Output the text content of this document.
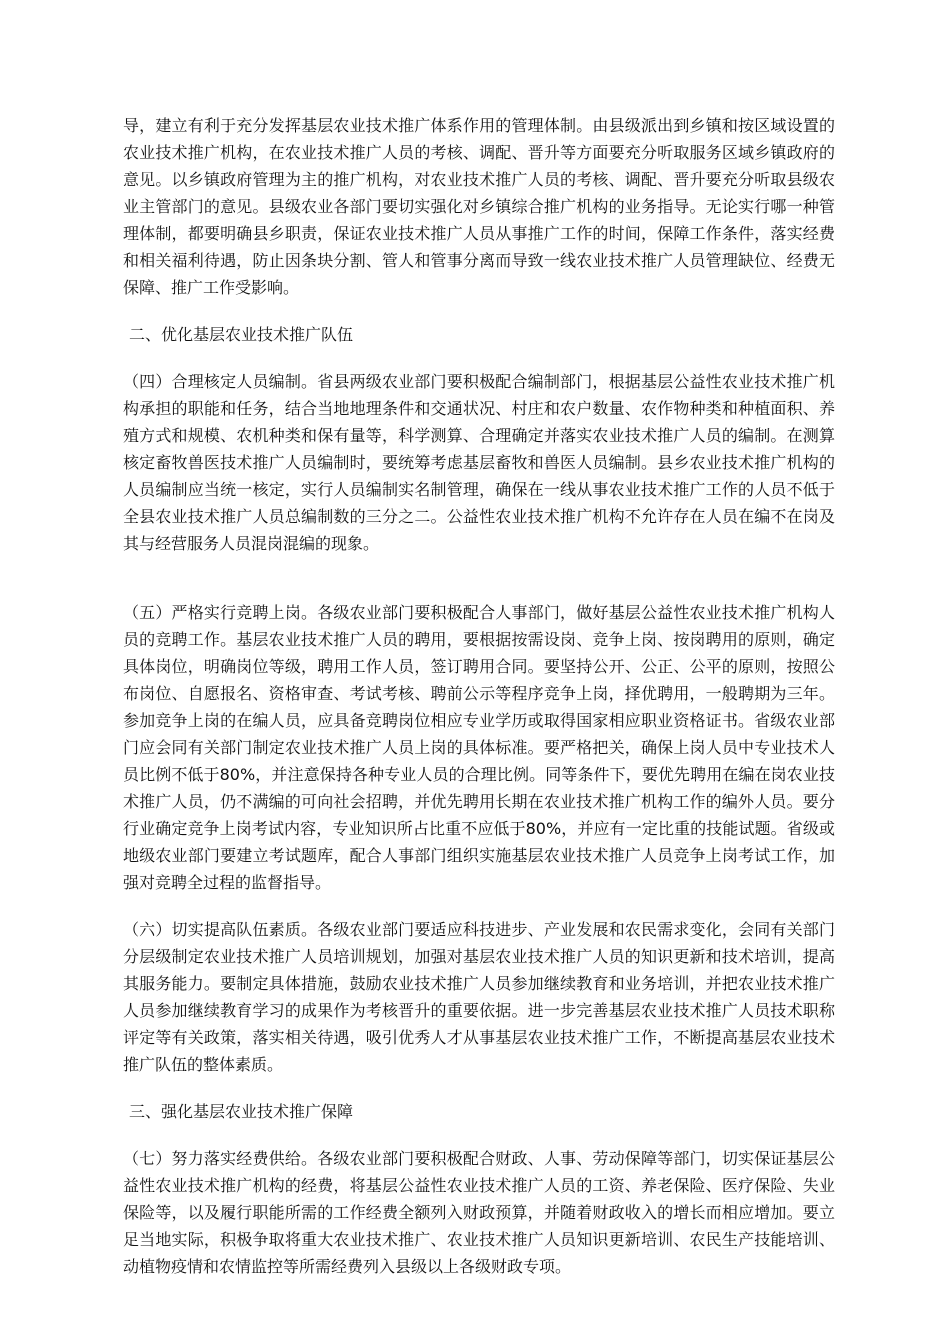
导，建立有利于充分发挥基层农业技术推广体系作用的管理体制。由县级派出到乡镇和按区域设置的农业技术推广机构，在农业技术推广人员的考核、调配、晋升等方面要充分听取服务区域乡镇政府的意见。以乡镇政府管理为主的推广机构，对农业技术推广人员的考核、调配、晋升要充分听取县级农业主管部门的意见。县级农业各部门要切实强化对乡镇综合推广机构的业务指导。无论实行哪一种管理体制，都要明确县乡职责，保证农业技术推广人员从事推广工作的时间，保障工作条件，落实经费和相关福利待遇，防止因条块分割、管人和管事分离而导致一线农业技术推广人员管理缺位、经费无保障、推广工作受影响。

二、优化基层农业技术推广队伍

（四）合理核定人员编制。省县两级农业部门要积极配合编制部门，根据基层公益性农业技术推广机构承担的职能和任务，结合当地地理条件和交通状况、村庄和农户数量、农作物种类和种植面积、养殖方式和规模、农机种类和保有量等，科学测算、合理确定并落实农业技术推广人员的编制。在测算核定畜牧兽医技术推广人员编制时，要统筹考虑基层畜牧和兽医人员编制。县乡农业技术推广机构的人员编制应当统一核定，实行人员编制实名制管理，确保在一线从事农业技术推广工作的人员不低于全县农业技术推广人员总编制数的三分之二。公益性农业技术推广机构不允许存在人员在编不在岗及其与经营服务人员混岗混编的现象。

（五）严格实行竞聘上岗。各级农业部门要积极配合人事部门，做好基层公益性农业技术推广机构人员的竞聘工作。基层农业技术推广人员的聘用，要根据按需设岗、竞争上岗、按岗聘用的原则，确定具体岗位，明确岗位等级，聘用工作人员，签订聘用合同。要坚持公开、公正、公平的原则，按照公布岗位、自愿报名、资格审查、考试考核、聘前公示等程序竞争上岗，择优聘用，一般聘期为三年。参加竞争上岗的在编人员，应具备竞聘岗位相应专业学历或取得国家相应职业资格证书。省级农业部门应会同有关部门制定农业技术推广人员上岗的具体标准。要严格把关，确保上岗人员中专业技术人员比例不低于80%，并注意保持各种专业人员的合理比例。同等条件下，要优先聘用在编在岗农业技术推广人员，仍不满编的可向社会招聘，并优先聘用长期在农业技术推广机构工作的编外人员。要分行业确定竞争上岗考试内容，专业知识所占比重不应低于80%，并应有一定比重的技能试题。省级或地级农业部门要建立考试题库，配合人事部门组织实施基层农业技术推广人员竞争上岗考试工作，加强对竞聘全过程的监督指导。

（六）切实提高队伍素质。各级农业部门要适应科技进步、产业发展和农民需求变化，会同有关部门分层级制定农业技术推广人员培训规划，加强对基层农业技术推广人员的知识更新和技术培训，提高其服务能力。要制定具体措施，鼓励农业技术推广人员参加继续教育和业务培训，并把农业技术推广人员参加继续教育学习的成果作为考核晋升的重要依据。进一步完善基层农业技术推广人员技术职称评定等有关政策，落实相关待遇，吸引优秀人才从事基层农业技术推广工作，不断提高基层农业技术推广队伍的整体素质。

三、强化基层农业技术推广保障

（七）努力落实经费供给。各级农业部门要积极配合财政、人事、劳动保障等部门，切实保证基层公益性农业技术推广机构的经费，将基层公益性农业技术推广人员的工资、养老保险、医疗保险、失业保险等，以及履行职能所需的工作经费全额列入财政预算，并随着财政收入的增长而相应增加。要立足当地实际，积极争取将重大农业技术推广、农业技术推广人员知识更新培训、农民生产技能培训、动植物疫情和农情监控等所需经费列入县级以上各级财政专项。
